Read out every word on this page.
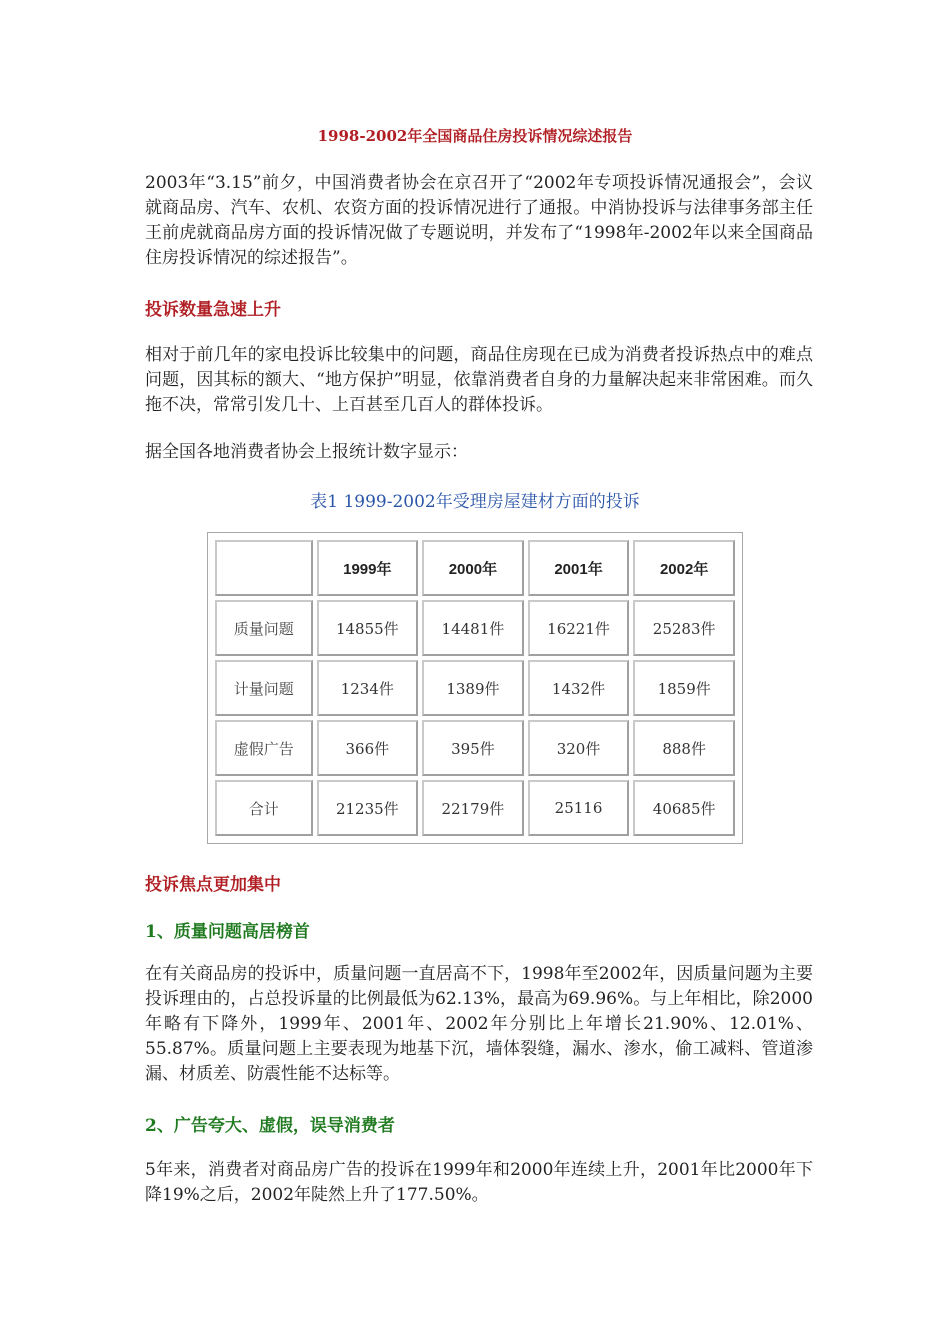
1998-2002年全国商品住房投诉情况综述报告

2003年“3.15”前夕，中国消费者协会在京召开了“2002年专项投诉情况通报会”，会议就商品房、汽车、农机、农资方面的投诉情况进行了通报。中消协投诉与法律事务部主任王前虎就商品房方面的投诉情况做了专题说明，并发布了“1998年-2002年以来全国商品住房投诉情况的综述报告”。

投诉数量急速上升

相对于前几年的家电投诉比较集中的问题，商品住房现在已成为消费者投诉热点中的难点问题，因其标的额大、“地方保护”明显，依靠消费者自身的力量解决起来非常困难。而久拖不决，常常引发几十、上百甚至几百人的群体投诉。

据全国各地消费者协会上报统计数字显示：

表1 1999-2002年受理房屋建材方面的投诉
	1999年	2000年	2001年	2002年
质量问题	14855件	14481件	16221件	25283件
计量问题	1234件	1389件	1432件	1859件
虚假广告	366件	395件	320件	888件
合计	21235件	22179件	25116	40685件
投诉焦点更加集中
1、质量问题高居榜首

在有关商品房的投诉中，质量问题一直居高不下，1998年至2002年，因质量问题为主要投诉理由的，占总投诉量的比例最低为62.13%，最高为69.96%。与上年相比，除2000年略有下降外，1999年、2001年、2002年分别比上年增长21.90%、12.01%、55.87%。质量问题上主要表现为地基下沉，墙体裂缝，漏水、渗水，偷工减料、管道渗漏、材质差、防震性能不达标等。

2、广告夸大、虚假，误导消费者

5年来，消费者对商品房广告的投诉在1999年和2000年连续上升，2001年比2000年下降19%之后，2002年陡然上升了177.50%。
